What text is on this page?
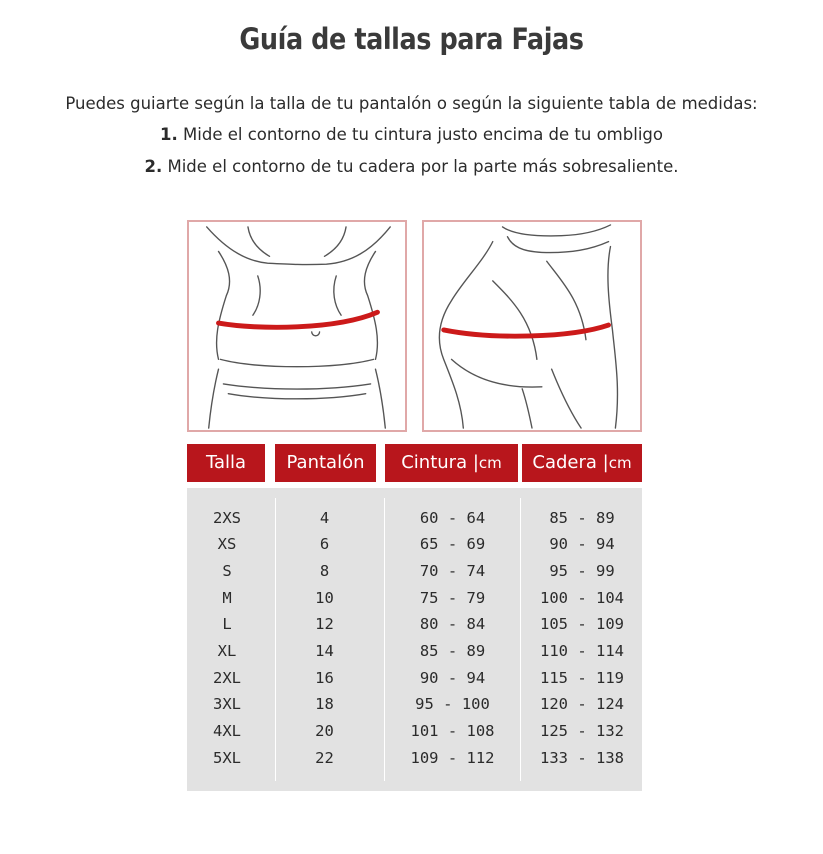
Guía de tallas para Fajas
Puedes guiarte según la talla de tu pantalón o según la siguiente tabla de medidas:
1. Mide el contorno de tu cintura justo encima de tu ombligo
2. Mide el contorno de tu cadera por la parte más sobresaliente.
Talla	Pantalón	Cintura |cm	Cadera |cm
2XS	4	60 - 64	85 - 89
XS	6	65 - 69	90 - 94
S	8	70 - 74	95 - 99
M	10	75 - 79	100 - 104
L	12	80 - 84	105 - 109
XL	14	85 - 89	110 - 114
2XL	16	90 - 94	115 - 119
3XL	18	95 - 100	120 - 124
4XL	20	101 - 108	125 - 132
5XL	22	109 - 112	133 - 138
